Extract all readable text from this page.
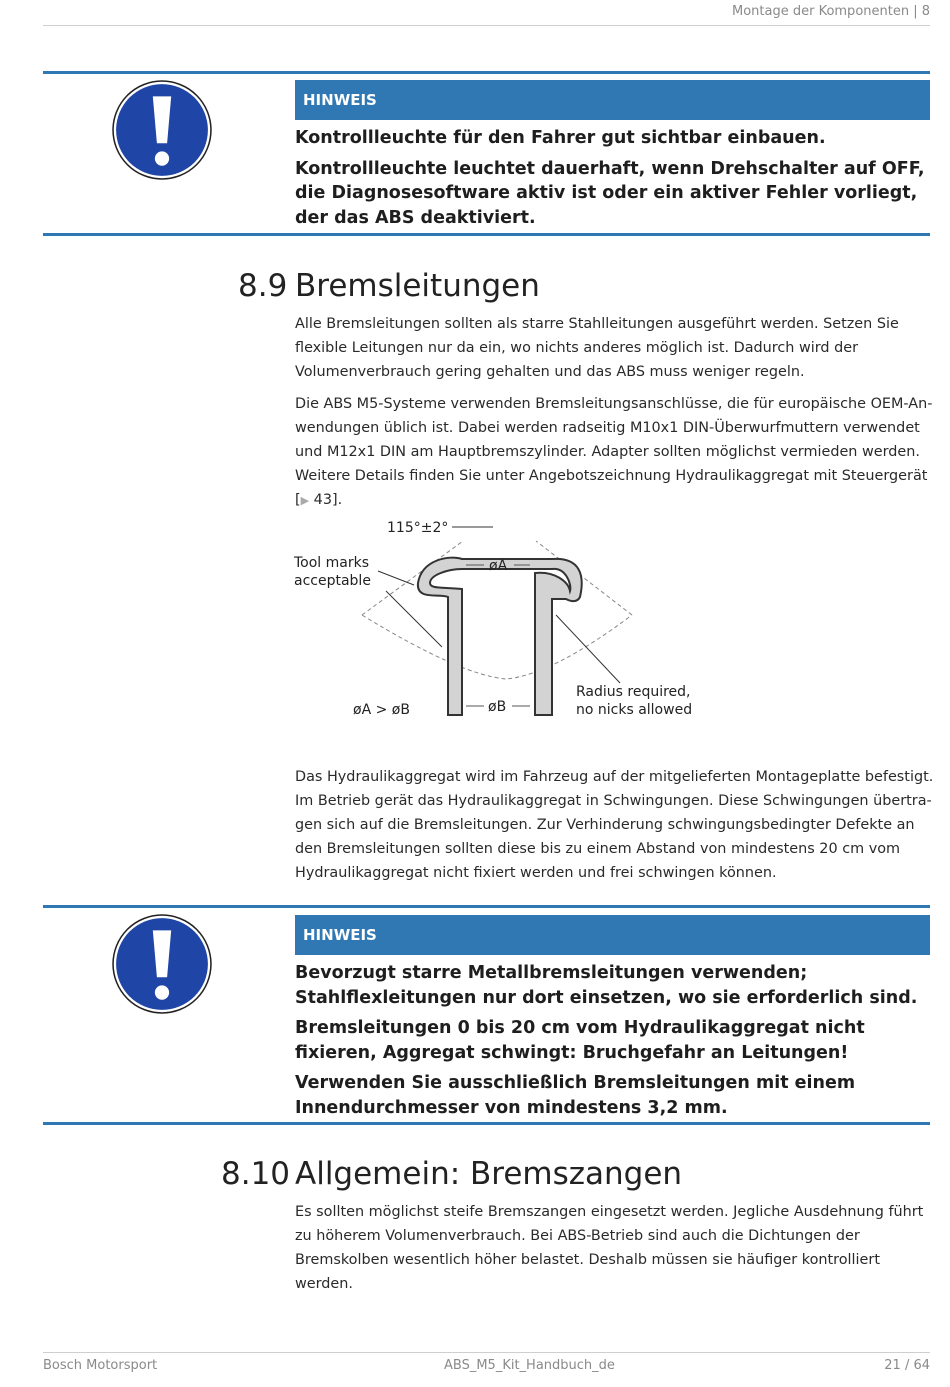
Montage der Komponenten | 8
HINWEIS

Kontrollleuchte für den Fahrer gut sichtbar einbauen.

Kontrollleuchte leuchtet dauerhaft, wenn Drehschalter auf OFF, die Diagnosesoftware aktiv ist oder ein aktiver Fehler vorliegt, der das ABS deaktiviert.

8.9 Bremsleitungen

Alle Bremsleitungen sollten als starre Stahlleitungen ausgeführt werden. Setzen Sie flexible Leitungen nur da ein, wo nichts anderes möglich ist. Dadurch wird der Volumenverbrauch gering gehalten und das ABS muss weniger regeln.

Die ABS M5-Systeme verwenden Bremsleitungsanschlüsse, die für europäische OEM-Anwendungen üblich ist. Dabei werden radseitig M10x1 DIN-Überwurfmuttern verwendet und M12x1 DIN am Hauptbremszylinder. Adapter sollten möglichst vermieden werden. Weitere Details finden Sie unter Angebotszeichnung Hydraulikaggregat mit Steuergerät [▶ 43].

115°±2°
Tool marks
acceptable
øA
øB
øA > øB
Radius required,
no nicks allowed

Das Hydraulikaggregat wird im Fahrzeug auf der mitgelieferten Montageplatte befestigt. Im Betrieb gerät das Hydraulikaggregat in Schwingungen. Diese Schwingungen übertragen sich auf die Bremsleitungen. Zur Verhinderung schwingungsbedingter Defekte an den Bremsleitungen sollten diese bis zu einem Abstand von mindestens 20 cm vom Hydraulikaggregat nicht fixiert werden und frei schwingen können.

HINWEIS

Bevorzugt starre Metallbremsleitungen verwenden; Stahlflexleitungen nur dort einsetzen, wo sie erforderlich sind.

Bremsleitungen 0 bis 20 cm vom Hydraulikaggregat nicht fixieren, Aggregat schwingt: Bruchgefahr an Leitungen!

Verwenden Sie ausschließlich Bremsleitungen mit einem Innendurchmesser von mindestens 3,2 mm.

8.10 Allgemein: Bremszangen

Es sollten möglichst steife Bremszangen eingesetzt werden. Jegliche Ausdehnung führt zu höherem Volumenverbrauch. Bei ABS-Betrieb sind auch die Dichtungen der Bremskolben wesentlich höher belastet. Deshalb müssen sie häufiger kontrolliert werden.

Bosch Motorsport	ABS_M5_Kit_Handbuch_de	21 / 64
